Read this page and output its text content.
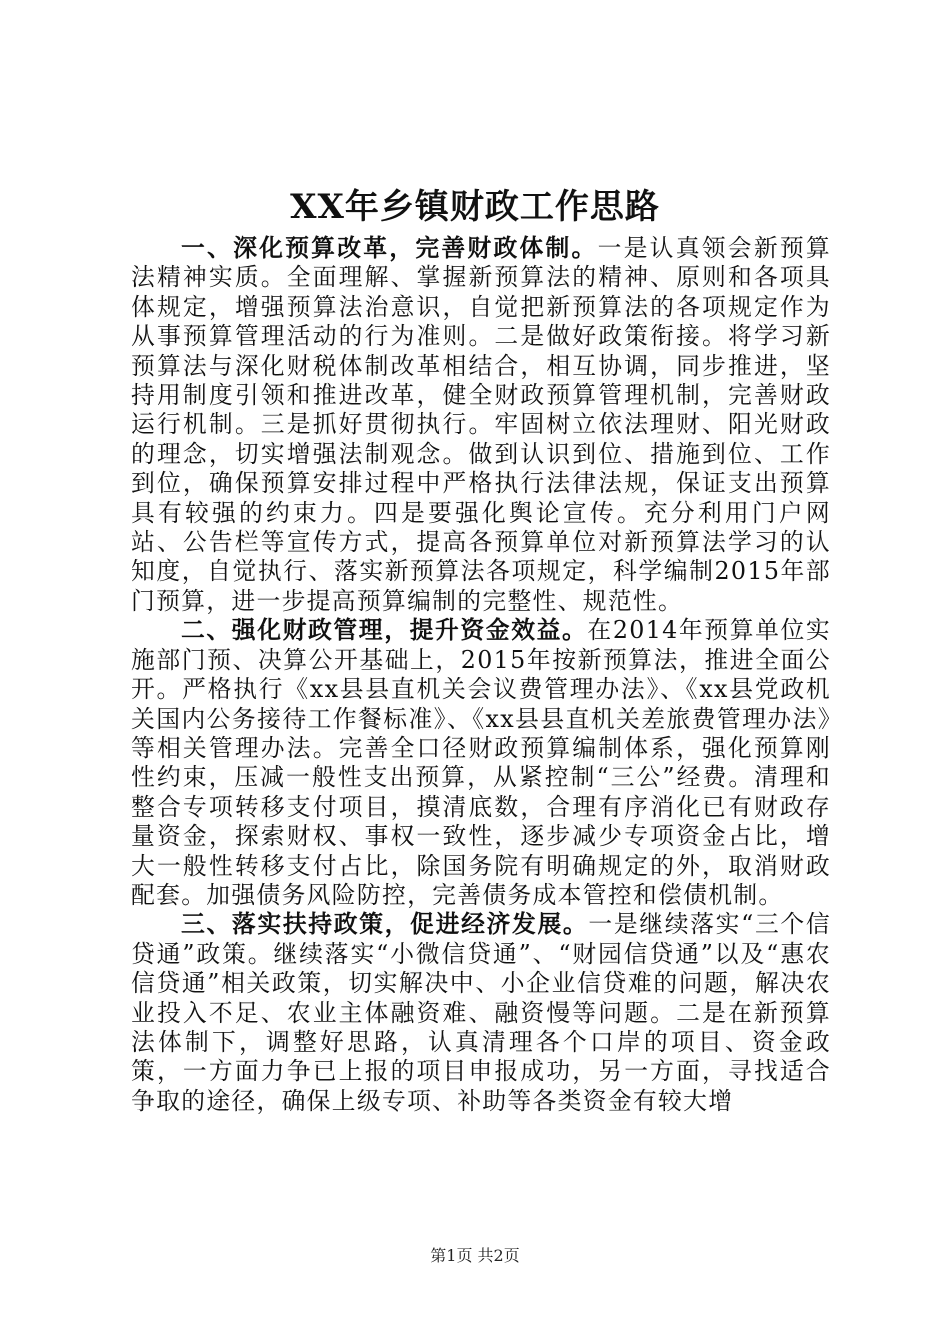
XX年乡镇财政工作思路

一、深化预算改革，完善财政体制。一是认真领会新预算法精神实质。全面理解、掌握新预算法的精神、原则和各项具体规定，增强预算法治意识，自觉把新预算法的各项规定作为从事预算管理活动的行为准则。二是做好政策衔接。将学习新预算法与深化财税体制改革相结合，相互协调，同步推进，坚持用制度引领和推进改革，健全财政预算管理机制，完善财政运行机制。三是抓好贯彻执行。牢固树立依法理财、阳光财政的理念，切实增强法制观念。做到认识到位、措施到位、工作到位，确保预算安排过程中严格执行法律法规，保证支出预算具有较强的约束力。四是要强化舆论宣传。充分利用门户网站、公告栏等宣传方式，提高各预算单位对新预算法学习的认知度，自觉执行、落实新预算法各项规定，科学编制2015年部门预算，进一步提高预算编制的完整性、规范性。

二、强化财政管理，提升资金效益。在2014年预算单位实施部门预、决算公开基础上，2015年按新预算法，推进全面公开。严格执行《xx县县直机关会议费管理办法》、《xx县党政机关国内公务接待工作餐标准》、《xx县县直机关差旅费管理办法》等相关管理办法。完善全口径财政预算编制体系，强化预算刚性约束，压减一般性支出预算，从紧控制“三公”经费。清理和整合专项转移支付项目，摸清底数，合理有序消化已有财政存量资金，探索财权、事权一致性，逐步减少专项资金占比，增大一般性转移支付占比，除国务院有明确规定的外，取消财政配套。加强债务风险防控，完善债务成本管控和偿债机制。

三、落实扶持政策，促进经济发展。一是继续落实“三个信贷通”政策。继续落实“小微信贷通”、“财园信贷通”以及“惠农信贷通”相关政策，切实解决中、小企业信贷难的问题，解决农业投入不足、农业主体融资难、融资慢等问题。二是在新预算法体制下，调整好思路，认真清理各个口岸的项目、资金政策，一方面力争已上报的项目申报成功，另一方面，寻找适合争取的途径，确保上级专项、补助等各类资金有较大增

第1页 共2页
